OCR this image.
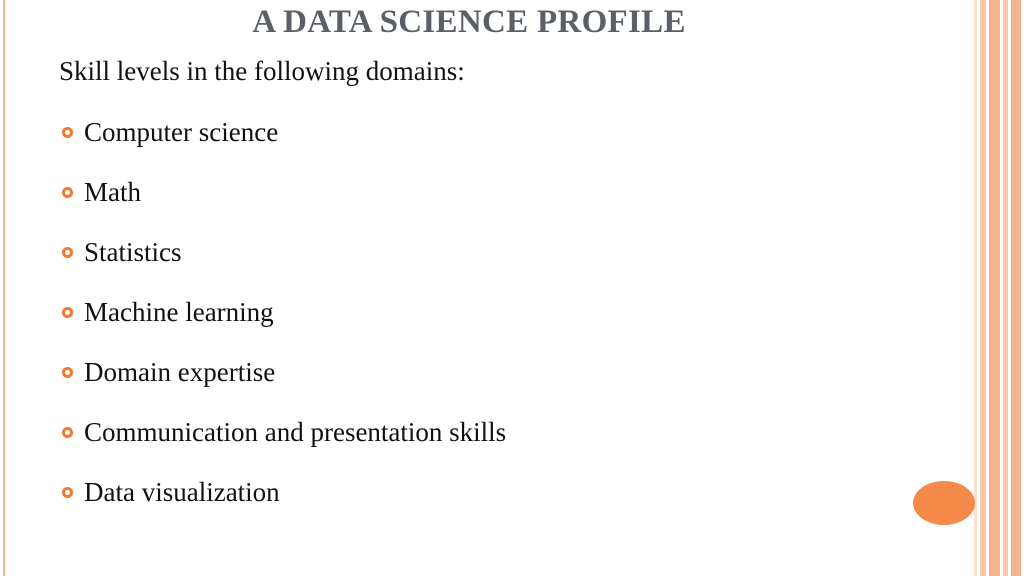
A DATA SCIENCE PROFILE
Skill levels in the following domains:
Computer science
Math
Statistics
Machine learning
Domain expertise
Communication and presentation skills
Data visualization
